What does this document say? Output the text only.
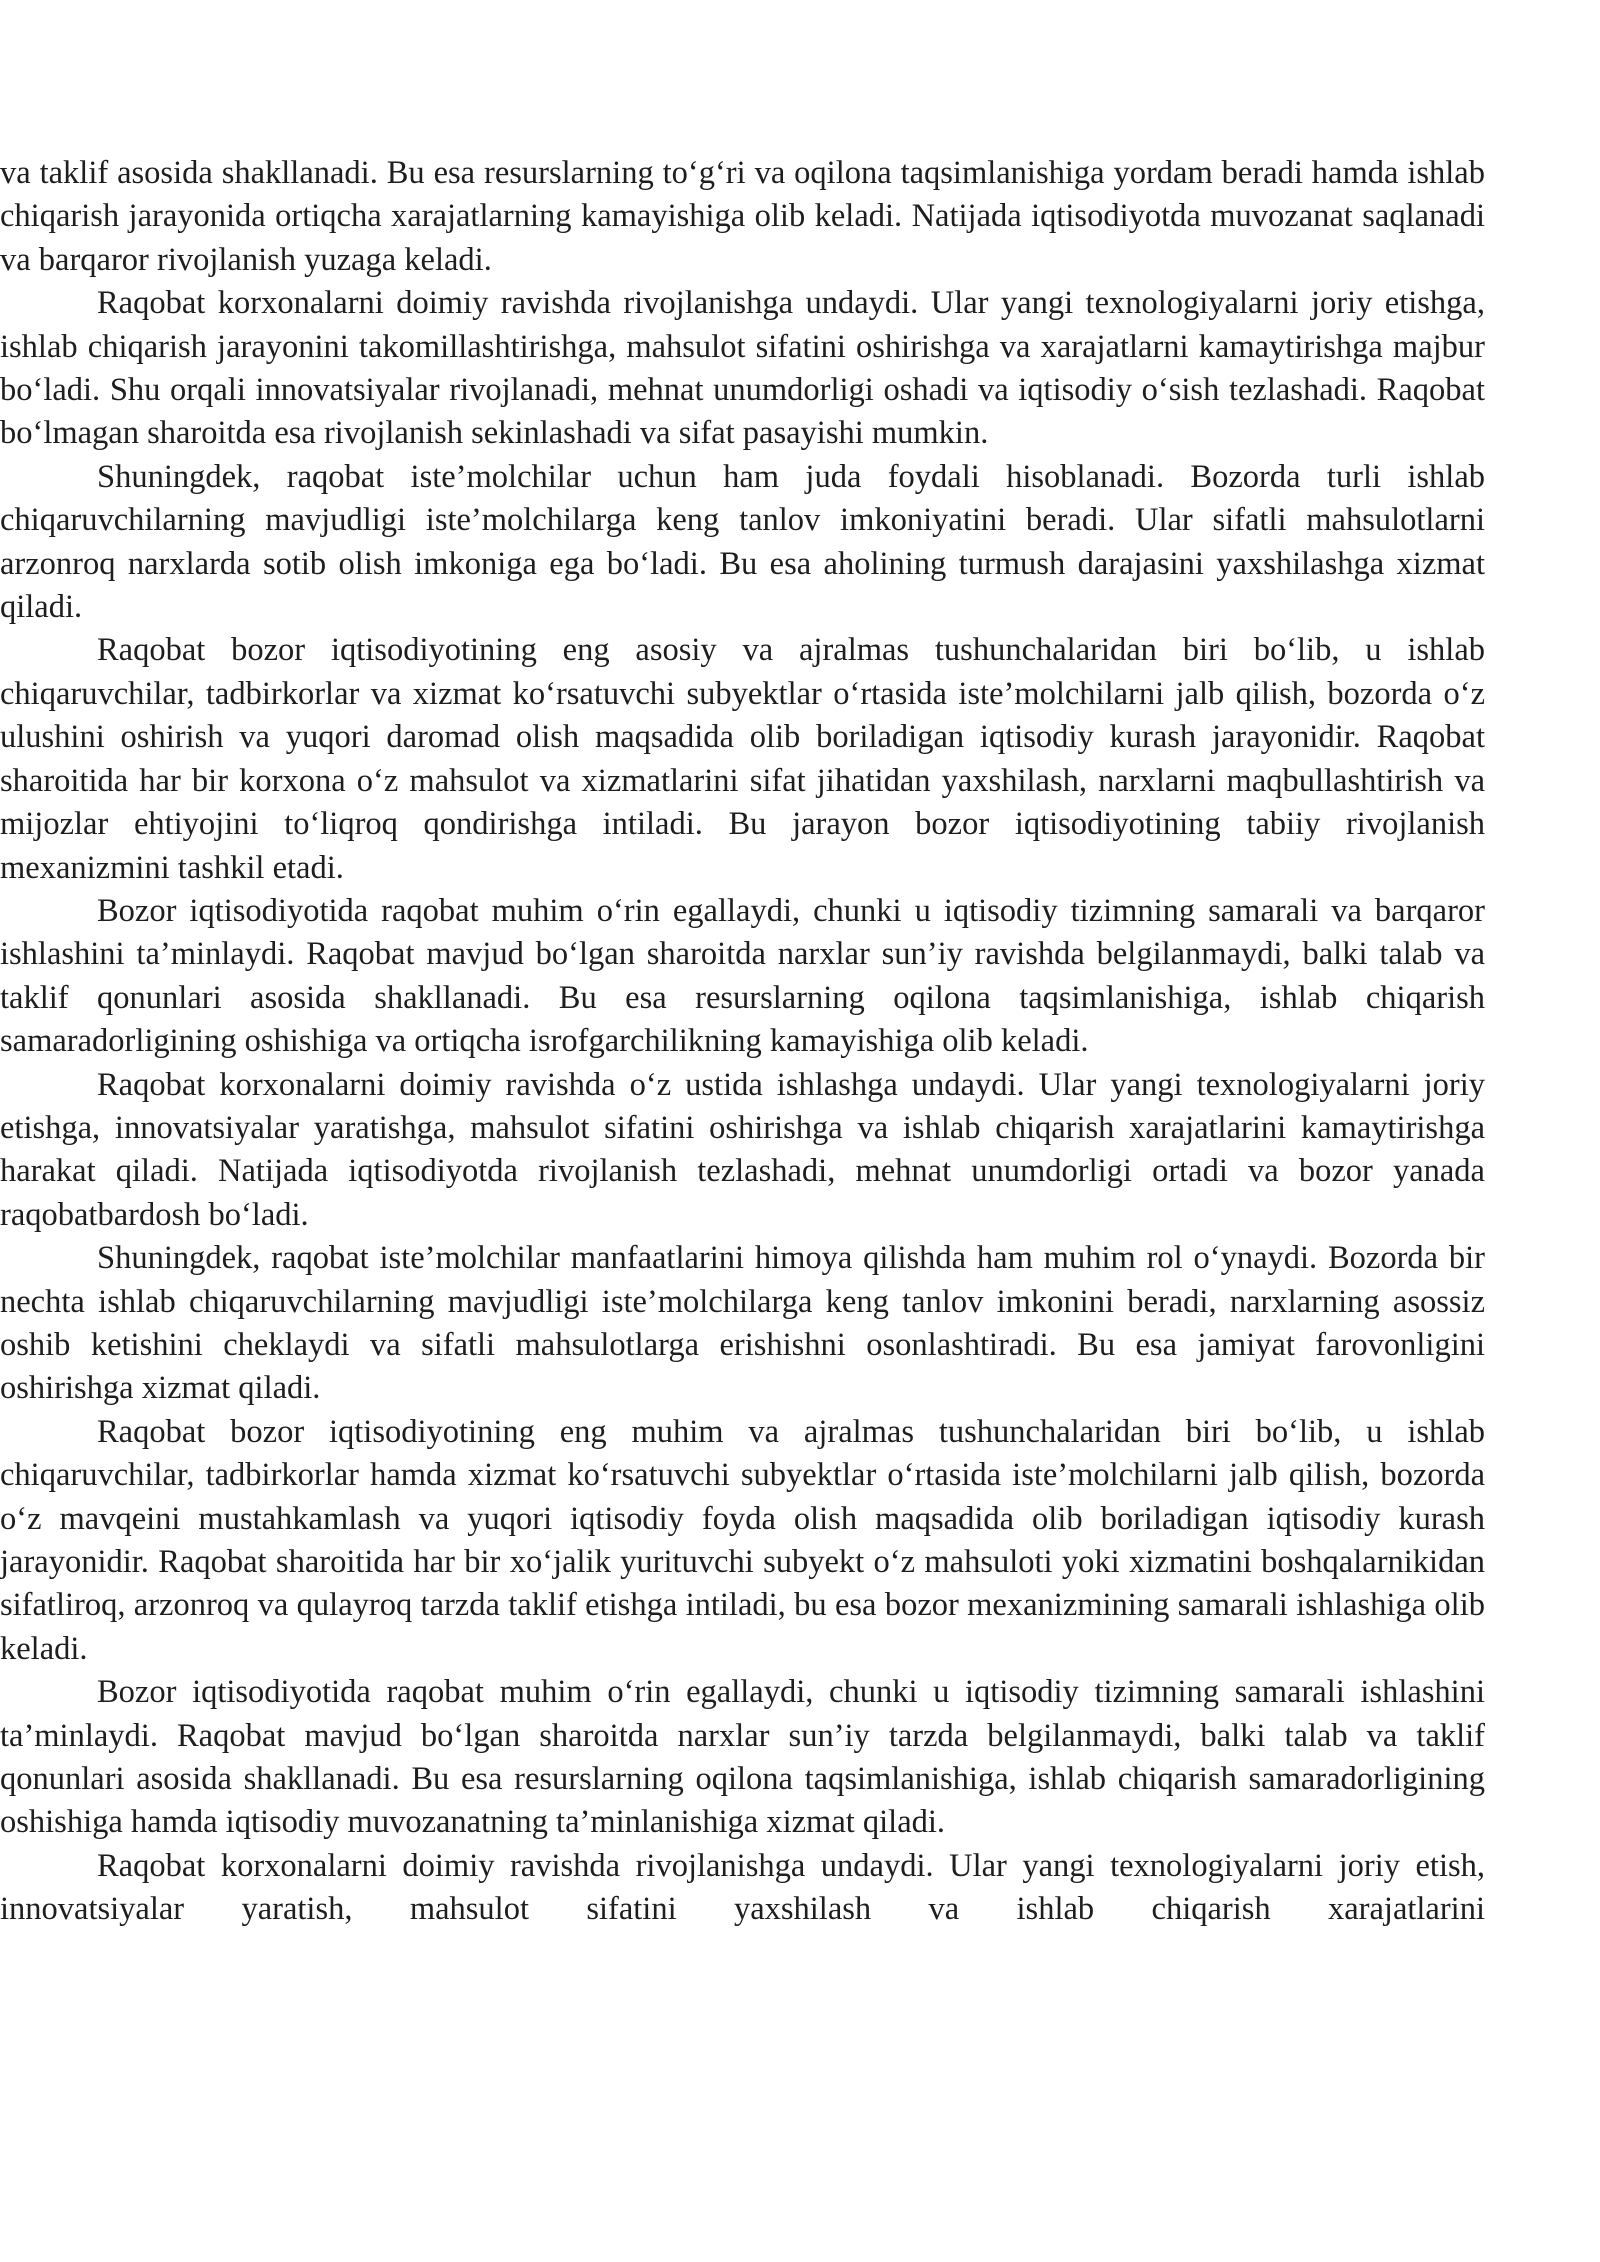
va taklif asosida shakllanadi. Bu esa resurslarning to‘g‘ri va oqilona taqsimlanishiga yordam beradi hamda ishlab chiqarish jarayonida ortiqcha xarajatlarning kamayishiga olib keladi. Natijada iqtisodiyotda muvozanat saqlanadi va barqaror rivojlanish yuzaga keladi.

Raqobat korxonalarni doimiy ravishda rivojlanishga undaydi. Ular yangi texnologiyalarni joriy etishga, ishlab chiqarish jarayonini takomillashtirishga, mahsulot sifatini oshirishga va xarajatlarni kamaytirishga majbur bo‘ladi. Shu orqali innovatsiyalar rivojlanadi, mehnat unumdorligi oshadi va iqtisodiy o‘sish tezlashadi. Raqobat bo‘lmagan sharoitda esa rivojlanish sekinlashadi va sifat pasayishi mumkin.

Shuningdek, raqobat iste’molchilar uchun ham juda foydali hisoblanadi. Bozorda turli ishlab chiqaruvchilarning mavjudligi iste’molchilarga keng tanlov imkoniyatini beradi. Ular sifatli mahsulotlarni arzonroq narxlarda sotib olish imkoniga ega bo‘ladi. Bu esa aholining turmush darajasini yaxshilashga xizmat qiladi.

Raqobat bozor iqtisodiyotining eng asosiy va ajralmas tushunchalaridan biri bo‘lib, u ishlab chiqaruvchilar, tadbirkorlar va xizmat ko‘rsatuvchi subyektlar o‘rtasida iste’molchilarni jalb qilish, bozorda o‘z ulushini oshirish va yuqori daromad olish maqsadida olib boriladigan iqtisodiy kurash jarayonidir. Raqobat sharoitida har bir korxona o‘z mahsulot va xizmatlarini sifat jihatidan yaxshilash, narxlarni maqbullashtirish va mijozlar ehtiyojini to‘liqroq qondirishga intiladi. Bu jarayon bozor iqtisodiyotining tabiiy rivojlanish mexanizmini tashkil etadi.

Bozor iqtisodiyotida raqobat muhim o‘rin egallaydi, chunki u iqtisodiy tizimning samarali va barqaror ishlashini ta’minlaydi. Raqobat mavjud bo‘lgan sharoitda narxlar sun’iy ravishda belgilanmaydi, balki talab va taklif qonunlari asosida shakllanadi. Bu esa resurslarning oqilona taqsimlanishiga, ishlab chiqarish samaradorligining oshishiga va ortiqcha isrofgarchilikning kamayishiga olib keladi.

Raqobat korxonalarni doimiy ravishda o‘z ustida ishlashga undaydi. Ular yangi texnologiyalarni joriy etishga, innovatsiyalar yaratishga, mahsulot sifatini oshirishga va ishlab chiqarish xarajatlarini kamaytirishga harakat qiladi. Natijada iqtisodiyotda rivojlanish tezlashadi, mehnat unumdorligi ortadi va bozor yanada raqobatbardosh bo‘ladi.

Shuningdek, raqobat iste’molchilar manfaatlarini himoya qilishda ham muhim rol o‘ynaydi. Bozorda bir nechta ishlab chiqaruvchilarning mavjudligi iste’molchilarga keng tanlov imkonini beradi, narxlarning asossiz oshib ketishini cheklaydi va sifatli mahsulotlarga erishishni osonlashtiradi. Bu esa jamiyat farovonligini oshirishga xizmat qiladi.

Raqobat bozor iqtisodiyotining eng muhim va ajralmas tushunchalaridan biri bo‘lib, u ishlab chiqaruvchilar, tadbirkorlar hamda xizmat ko‘rsatuvchi subyektlar o‘rtasida iste’molchilarni jalb qilish, bozorda o‘z mavqeini mustahkamlash va yuqori iqtisodiy foyda olish maqsadida olib boriladigan iqtisodiy kurash jarayonidir. Raqobat sharoitida har bir xo‘jalik yurituvchi subyekt o‘z mahsuloti yoki xizmatini boshqalarnikidan sifatliroq, arzonroq va qulayroq tarzda taklif etishga intiladi, bu esa bozor mexanizmining samarali ishlashiga olib keladi.

Bozor iqtisodiyotida raqobat muhim o‘rin egallaydi, chunki u iqtisodiy tizimning samarali ishlashini ta’minlaydi. Raqobat mavjud bo‘lgan sharoitda narxlar sun’iy tarzda belgilanmaydi, balki talab va taklif qonunlari asosida shakllanadi. Bu esa resurslarning oqilona taqsimlanishiga, ishlab chiqarish samaradorligining oshishiga hamda iqtisodiy muvozanatning ta’minlanishiga xizmat qiladi.

Raqobat korxonalarni doimiy ravishda rivojlanishga undaydi. Ular yangi texnologiyalarni joriy etish, innovatsiyalar yaratish, mahsulot sifatini yaxshilash va ishlab chiqarish xarajatlarini
